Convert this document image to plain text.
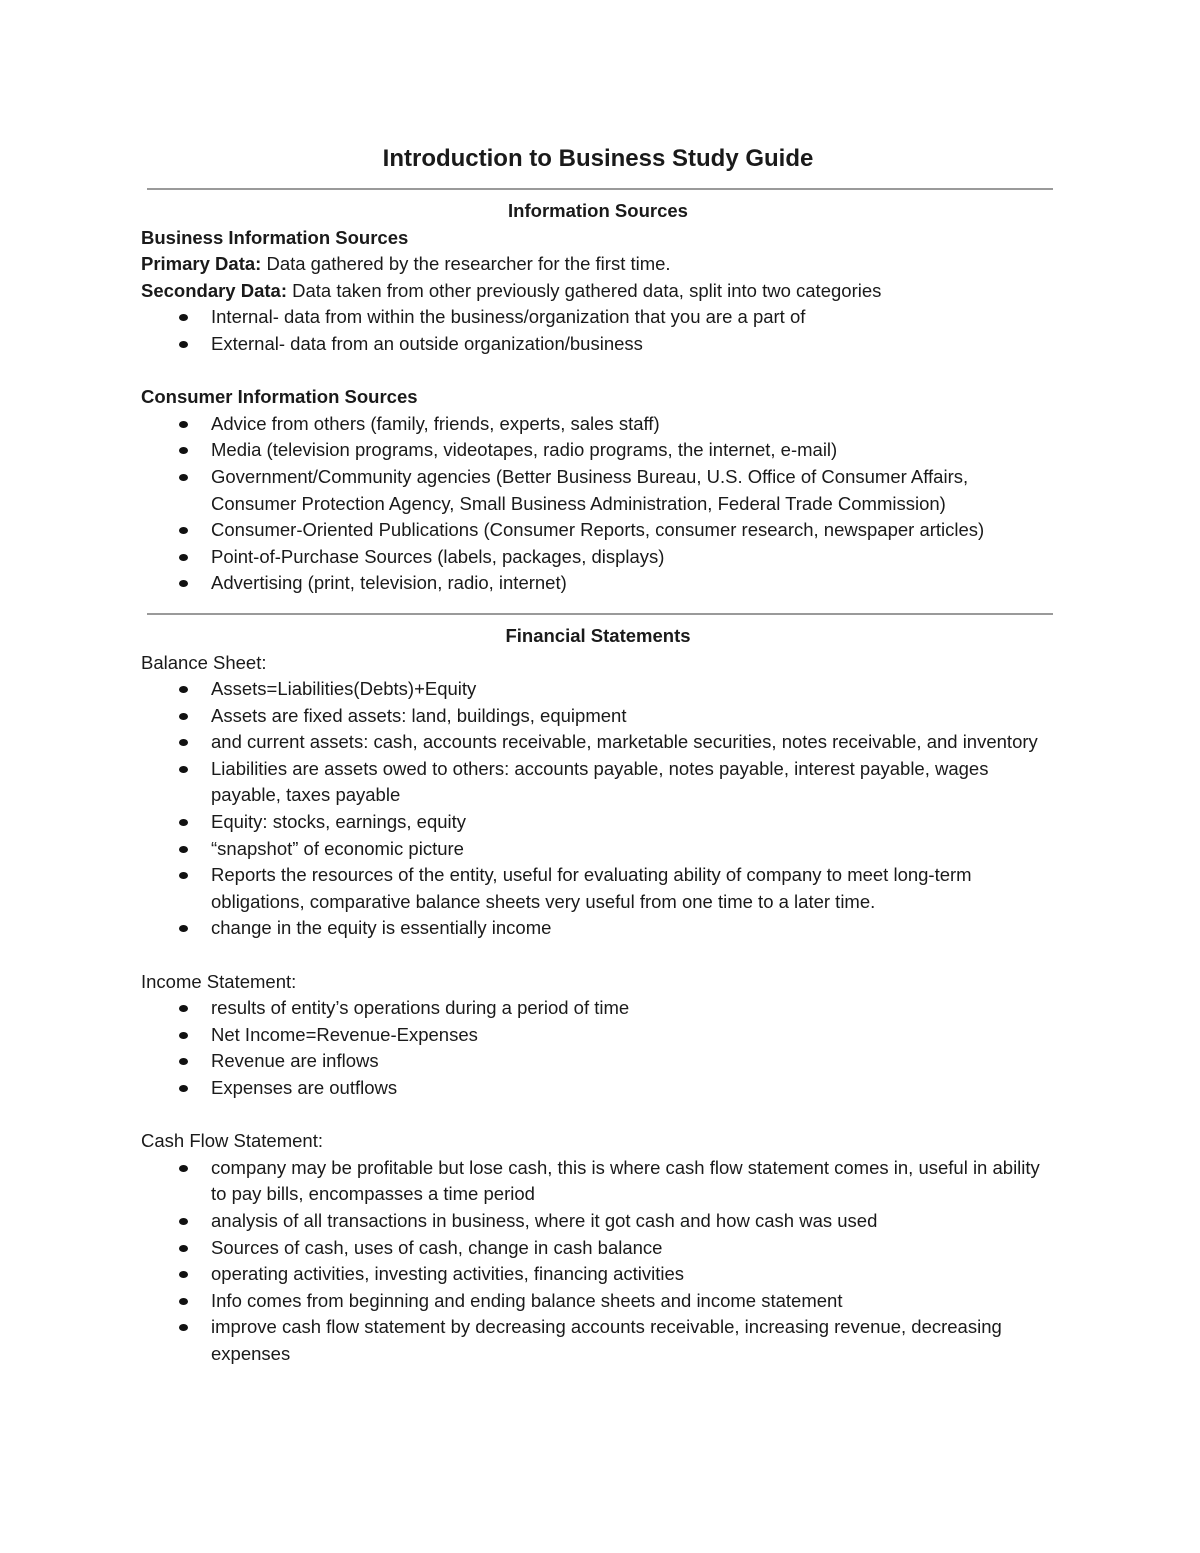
Introduction to Business Study Guide
Information Sources
Business Information Sources
Primary Data: Data gathered by the researcher for the first time.
Secondary Data: Data taken from other previously gathered data, split into two categories
Internal- data from within the business/organization that you are a part of
External- data from an outside organization/business
Consumer Information Sources
Advice from others (family, friends, experts, sales staff)
Media (television programs, videotapes, radio programs, the internet, e-mail)
Government/Community agencies (Better Business Bureau, U.S. Office of Consumer Affairs, Consumer Protection Agency, Small Business Administration, Federal Trade Commission)
Consumer-Oriented Publications (Consumer Reports, consumer research, newspaper articles)
Point-of-Purchase Sources (labels, packages, displays)
Advertising (print, television, radio, internet)
Financial Statements
Balance Sheet:
Assets=Liabilities(Debts)+Equity
Assets are fixed assets: land, buildings, equipment
and current assets: cash, accounts receivable, marketable securities, notes receivable, and inventory
Liabilities are assets owed to others: accounts payable, notes payable, interest payable, wages payable, taxes payable
Equity: stocks, earnings, equity
“snapshot” of economic picture
Reports the resources of the entity, useful for evaluating ability of company to meet long-term obligations, comparative balance sheets very useful from one time to a later time.
change in the equity is essentially income
Income Statement:
results of entity’s operations during a period of time
Net Income=Revenue-Expenses
Revenue are inflows
Expenses are outflows
Cash Flow Statement:
company may be profitable but lose cash, this is where cash flow statement comes in, useful in ability to pay bills, encompasses a time period
analysis of all transactions in business, where it got cash and how cash was used
Sources of cash, uses of cash, change in cash balance
operating activities, investing activities, financing activities
Info comes from beginning and ending balance sheets and income statement
improve cash flow statement by decreasing accounts receivable, increasing revenue, decreasing expenses
